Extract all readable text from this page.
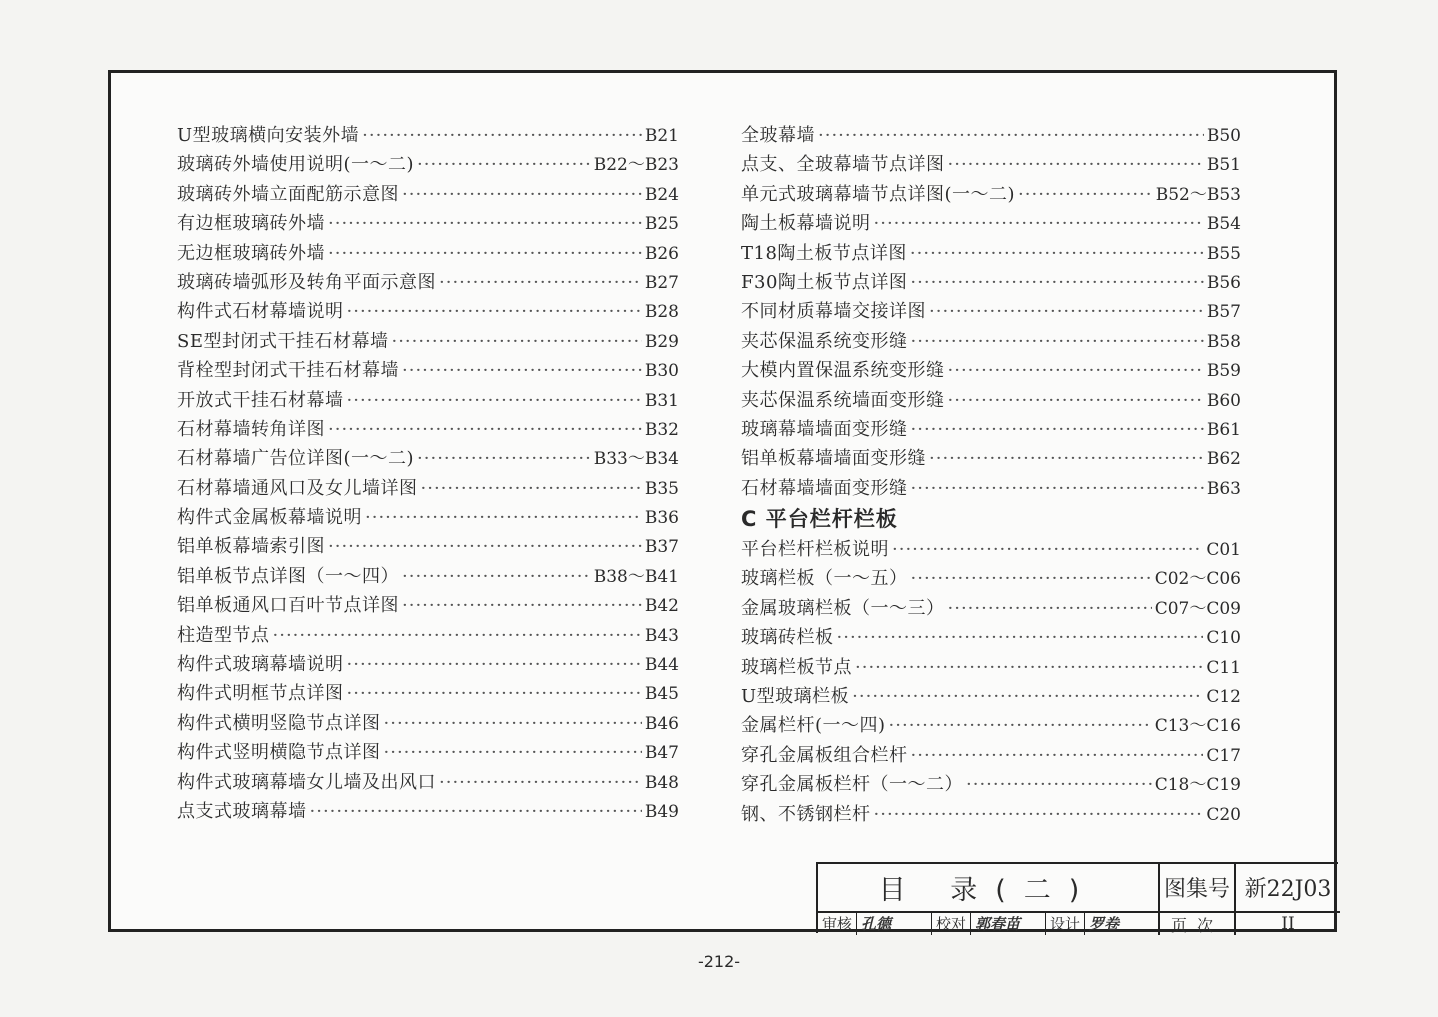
U型玻璃横向安装外墙 ·····	B21
玻璃砖外墙使用说明(一～二) ·····	B22～B23
玻璃砖外墙立面配筋示意图 ·····	B24
有边框玻璃砖外墙 ·····	B25
无边框玻璃砖外墙 ·····	B26
玻璃砖墙弧形及转角平面示意图 ·····	B27
构件式石材幕墙说明 ·····	B28
SE型封闭式干挂石材幕墙 ·····	B29
背栓型封闭式干挂石材幕墙 ·····	B30
开放式干挂石材幕墙 ·····	B31
石材幕墙转角详图 ·····	B32
石材幕墙广告位详图(一～二) ·····	B33～B34
石材幕墙通风口及女儿墙详图 ·····	B35
构件式金属板幕墙说明 ·····	B36
铝单板幕墙索引图 ·····	B37
铝单板节点详图（一～四） ·····	B38～B41
铝单板通风口百叶节点详图 ·····	B42
柱造型节点 ·····	B43
构件式玻璃幕墙说明 ·····	B44
构件式明框节点详图 ·····	B45
构件式横明竖隐节点详图 ·····	B46
构件式竖明横隐节点详图 ·····	B47
构件式玻璃幕墙女儿墙及出风口 ·····	B48
点支式玻璃幕墙 ·····	B49
全玻幕墙 ·····	B50
点支、全玻幕墙节点详图 ·····	B51
单元式玻璃幕墙节点详图(一～二) ·····	B52～B53
陶土板幕墙说明 ·····	B54
T18陶土板节点详图 ·····	B55
F30陶土板节点详图 ·····	B56
不同材质幕墙交接详图 ·····	B57
夹芯保温系统变形缝 ·····	B58
大模内置保温系统变形缝 ·····	B59
夹芯保温系统墙面变形缝 ·····	B60
玻璃幕墙墙面变形缝 ·····	B61
铝单板幕墙墙面变形缝 ·····	B62
石材幕墙墙面变形缝 ·····	B63
C 平台栏杆栏板
平台栏杆栏板说明 ·····	C01
玻璃栏板（一～五） ·····	C02～C06
金属玻璃栏板（一～三） ·····	C07～C09
玻璃砖栏板 ·····	C10
玻璃栏板节点 ·····	C11
U型玻璃栏板 ·····	C12
金属栏杆(一～四) ·····	C13～C16
穿孔金属板组合栏杆 ·····	C17
穿孔金属板栏杆（一～二） ·····	C18～C19
钢、不锈钢栏杆 ·····	C20
目 录(二)	图集号 新22J03
审核 孔德	校对 郭春苗	设计 罗卷	页次	II
-212-
